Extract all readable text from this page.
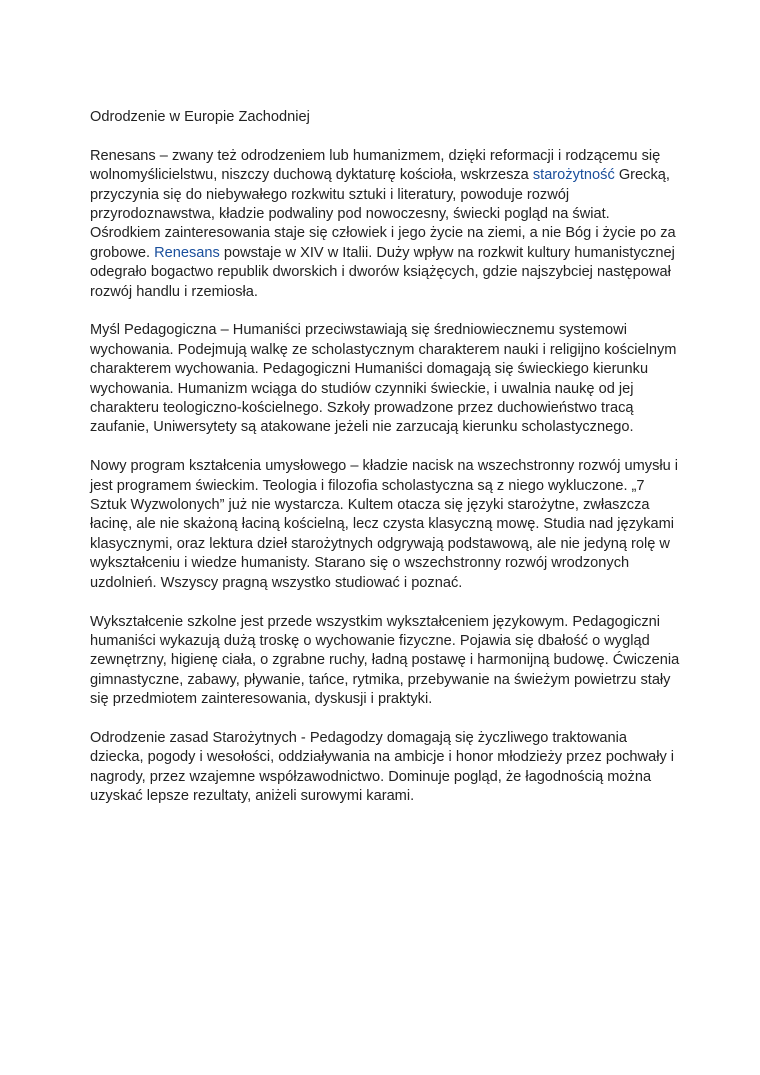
Odrodzenie w Europie Zachodniej

Renesans – zwany też odrodzeniem lub humanizmem, dzięki reformacji i rodzącemu się wolnomyślicielstwu, niszczy duchową dyktaturę kościoła, wskrzesza starożytność Grecką, przyczynia się do niebywałego rozkwitu sztuki i literatury, powoduje rozwój przyrodoznawstwa, kładzie podwaliny pod nowoczesny, świecki pogląd na świat. Ośrodkiem zainteresowania staje się człowiek i jego życie na ziemi, a nie Bóg i życie po za grobowe. Renesans powstaje w XIV w Italii. Duży wpływ na rozkwit kultury humanistycznej odegrało bogactwo republik dworskich i dworów książęcych, gdzie najszybciej następował rozwój handlu i rzemiosła.

Myśl Pedagogiczna – Humaniści przeciwstawiają się średniowiecznemu systemowi wychowania. Podejmują walkę ze scholastycznym charakterem nauki i religijno kościelnym charakterem wychowania. Pedagogiczni Humaniści domagają się świeckiego kierunku wychowania. Humanizm wciąga do studiów czynniki świeckie, i uwalnia naukę od jej charakteru teologiczno-kościelnego. Szkoły prowadzone przez duchowieństwo tracą zaufanie, Uniwersytety są atakowane jeżeli nie zarzucają kierunku scholastycznego.

Nowy program kształcenia umysłowego – kładzie nacisk na wszechstronny rozwój umysłu i jest programem świeckim. Teologia i filozofia scholastyczna są z niego wykluczone. „7 Sztuk Wyzwolonych” już nie wystarcza. Kultem otacza się języki starożytne, zwłaszcza łacinę, ale nie skażoną łaciną kościelną, lecz czysta klasyczną mowę. Studia nad językami klasycznymi, oraz lektura dzieł starożytnych odgrywają podstawową, ale nie jedyną rolę w wykształceniu i wiedze humanisty. Starano się o wszechstronny rozwój wrodzonych uzdolnień. Wszyscy pragną wszystko studiować i poznać.

Wykształcenie szkolne jest przede wszystkim wykształceniem językowym. Pedagogiczni humaniści wykazują dużą troskę o wychowanie fizyczne. Pojawia się dbałość o wygląd zewnętrzny, higienę ciała, o zgrabne ruchy, ładną postawę i harmonijną budowę. Ćwiczenia gimnastyczne, zabawy, pływanie, tańce, rytmika, przebywanie na świeżym powietrzu stały się przedmiotem zainteresowania, dyskusji i praktyki.

Odrodzenie zasad Starożytnych - Pedagodzy domagają się życzliwego traktowania dziecka, pogody i wesołości, oddziaływania na ambicje i honor młodzieży przez pochwały i nagrody, przez wzajemne współzawodnictwo. Dominuje pogląd, że łagodnością można uzyskać lepsze rezultaty, aniżeli surowymi karami.
